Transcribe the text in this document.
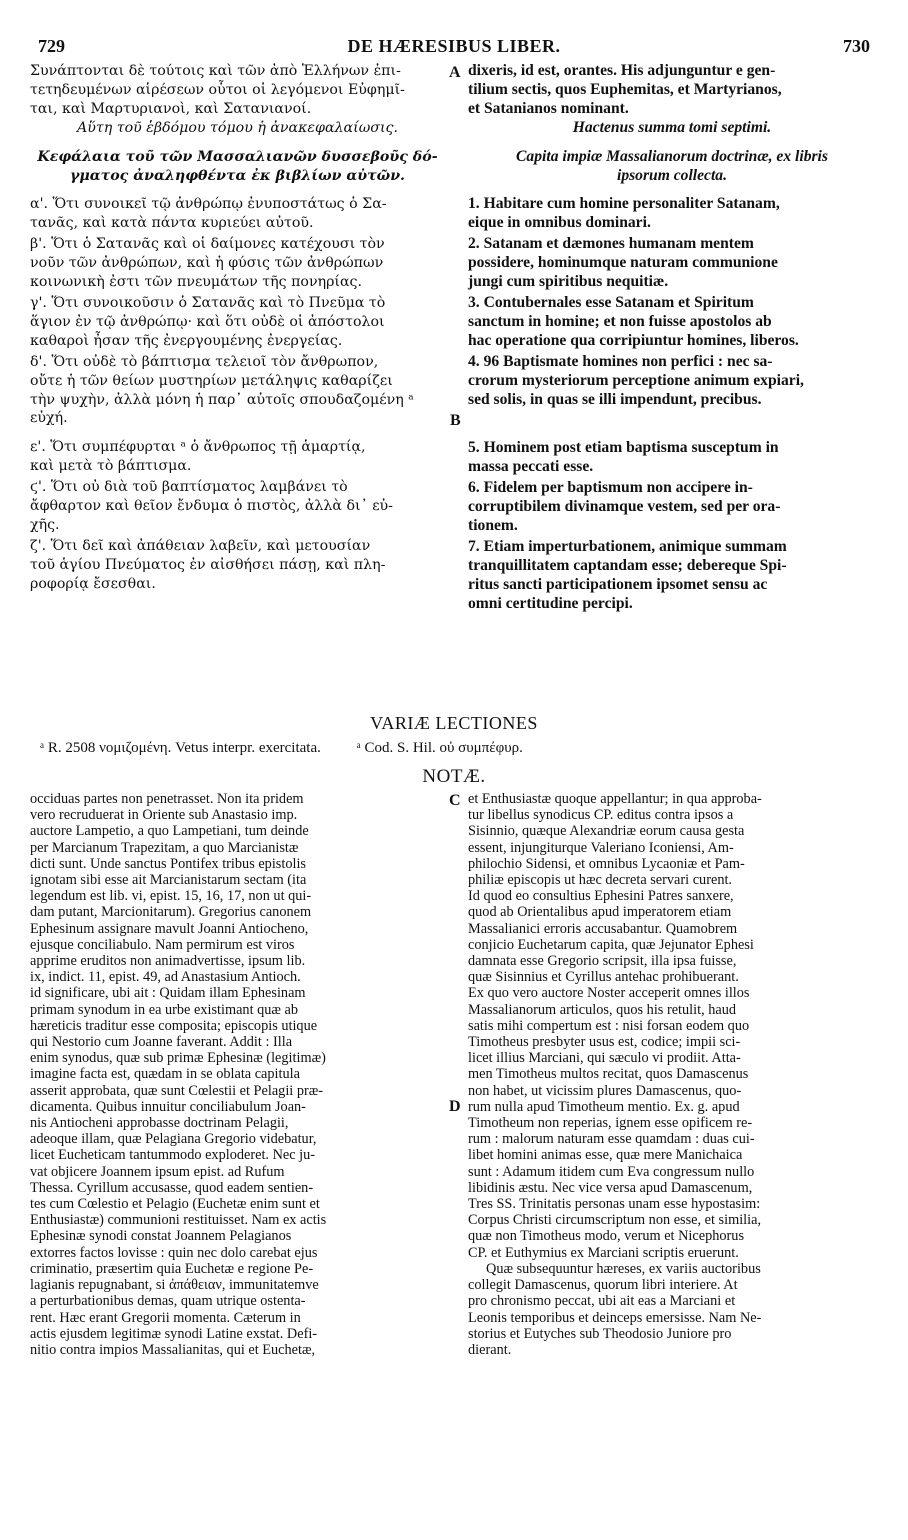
729	DE HÆRESIBUS LIBER.	730

Συνάπτονται δὲ τούτοις καὶ τῶν ἀπὸ Ἑλλήνων ἐπι-

τετηδευμένων αἱρέσεων οὗτοι οἱ λεγόμενοι Εὐφημῖ-

ται, καὶ Μαρτυριανοὶ, καὶ Σατανιανοί.

Αὕτη τοῦ ἑβδόμου τόμου ἡ ἀνακεφαλαίωσις.

Κεφάλαια τοῦ τῶν Μασσαλιανῶν δυσσεβοῦς δό-

γματος ἀναληφθέντα ἐκ βιβλίων αὐτῶν.

α'. Ὅτι συνοικεῖ τῷ ἀνθρώπῳ ἐνυποστάτως ὁ Σα-

τανᾶς, καὶ κατὰ πάντα κυριεύει αὐτοῦ.

β'. Ὅτι ὁ Σατανᾶς καὶ οἱ δαίμονες κατέχουσι τὸν

νοῦν τῶν ἀνθρώπων, καὶ ἡ φύσις τῶν ἀνθρώπων

κοινωνικὴ ἐστι τῶν πνευμάτων τῆς πονηρίας.

γ'. Ὅτι συνοικοῦσιν ὁ Σατανᾶς καὶ τὸ Πνεῦμα τὸ

ἅγιον ἐν τῷ ἀνθρώπῳ· καὶ ὅτι οὐδὲ οἱ ἀπόστολοι

καθαροὶ ἦσαν τῆς ἐνεργουμένης ἐνεργείας.

δ'. Ὅτι οὐδὲ τὸ βάπτισμα τελειοῖ τὸν ἄνθρωπον,

οὔτε ἡ τῶν θείων μυστηρίων μετάληψις καθαρίζει

τὴν ψυχὴν, ἀλλὰ μόνη ἡ παρ᾽ αὐτοῖς σπουδαζομένη ᵃ

εὐχή.

ε'. Ὅτι συμπέφυρται ᵃ ὁ ἄνθρωπος τῇ ἁμαρτίᾳ,

καὶ μετὰ τὸ βάπτισμα.

ϛ'. Ὅτι οὐ διὰ τοῦ βαπτίσματος λαμβάνει τὸ

ἄφθαρτον καὶ θεῖον ἔνδυμα ὁ πιστὸς, ἀλλὰ δι᾽ εὐ-

χῆς.

ζ'. Ὅτι δεῖ καὶ ἀπάθειαν λαβεῖν, καὶ μετουσίαν

τοῦ ἁγίου Πνεύματος ἐν αἰσθήσει πάσῃ, καὶ πλη-

ροφορίᾳ ἔσεσθαι.

dixeris, id est, orantes. His adjunguntur e gen-

tilium sectis, quos Euphemitas, et Martyrianos,

et Satanianos nominant.

Hactenus summa tomi septimi.

Capita impiæ Massalianorum doctrinæ, ex libris

ipsorum collecta.

1. Habitare cum homine personaliter Satanam,

eique in omnibus dominari.

2. Satanam et dæmones humanam mentem

possidere, hominumque naturam communione

jungi cum spiritibus nequitiæ.

3. Contubernales esse Satanam et Spiritum

sanctum in homine; et non fuisse apostolos ab

hac operatione qua corripiuntur homines, liberos.

4. 96 Baptismate homines non perfici : nec sa-

crorum mysteriorum perceptione animum expiari,

sed solis, in quas se illi impendunt, precibus.

5. Hominem post etiam baptisma susceptum in

massa peccati esse.

6. Fidelem per baptismum non accipere in-

corruptibilem divinamque vestem, sed per ora-

tionem.

7. Etiam imperturbationem, animique summam

tranquillitatem captandam esse; debereque Spi-

ritus sancti participationem ipsomet sensu ac

omni certitudine percipi.

A
B
VARIÆ LECTIONES
ᵃ R. 2508 νομιζομένη. Vetus interpr. exercitata. ᵃ Cod. S. Hil. οὐ συμπέφυρ.
NOTÆ.
C
D

occiduas partes non penetrasset. Non ita pridem

vero recruduerat in Oriente sub Anastasio imp.

auctore Lampetio, a quo Lampetiani, tum deinde

per Marcianum Trapezitam, a quo Marcianistæ

dicti sunt. Unde sanctus Pontifex tribus epistolis

ignotam sibi esse ait Marcianistarum sectam (ita

legendum est lib. vi, epist. 15, 16, 17, non ut qui-

dam putant, Marcionitarum). Gregorius canonem

Ephesinum assignare mavult Joanni Antiocheno,

ejusque conciliabulo. Nam permirum est viros

apprime eruditos non animadvertisse, ipsum lib.

ix, indict. 11, epist. 49, ad Anastasium Antioch.

id significare, ubi ait : Quidam illam Ephesinam

primam synodum in ea urbe existimant quæ ab

hæreticis traditur esse composita; episcopis utique

qui Nestorio cum Joanne faverant. Addit : Illa

enim synodus, quæ sub primæ Ephesinæ (legitimæ)

imagine facta est, quædam in se oblata capitula

asserit approbata, quæ sunt Cœlestii et Pelagii præ-

dicamenta. Quibus innuitur conciliabulum Joan-

nis Antiocheni approbasse doctrinam Pelagii,

adeoque illam, quæ Pelagiana Gregorio videbatur,

licet Eucheticam tantummodo exploderet. Nec ju-

vat objicere Joannem ipsum epist. ad Rufum

Thessa. Cyrillum accusasse, quod eadem sentien-

tes cum Cœlestio et Pelagio (Euchetæ enim sunt et

Enthusiastæ) communioni restituisset. Nam ex actis

Ephesinæ synodi constat Joannem Pelagianos

extorres factos lovisse : quin nec dolo carebat ejus

criminatio, præsertim quia Euchetæ e regione Pe-

lagianis repugnabant, si ἀπάθειαν, immunitatemve

a perturbationibus demas, quam utrique ostenta-

rent. Hæc erant Gregorii momenta. Cæterum in

actis ejusdem legitimæ synodi Latine exstat. Defi-

nitio contra impios Massalianitas, qui et Euchetæ,

et Enthusiastæ quoque appellantur; in qua approba-

tur libellus synodicus CP. editus contra ipsos a

Sisinnio, quæque Alexandriæ eorum causa gesta

essent, injungiturque Valeriano Iconiensi, Am-

philochio Sidensi, et omnibus Lycaoniæ et Pam-

philiæ episcopis ut hæc decreta servari curent.

Id quod eo consultius Ephesini Patres sanxere,

quod ab Orientalibus apud imperatorem etiam

Massalianici erroris accusabantur. Quamobrem

conjicio Euchetarum capita, quæ Jejunator Ephesi

damnata esse Gregorio scripsit, illa ipsa fuisse,

quæ Sisinnius et Cyrillus antehac prohibuerant.

Ex quo vero auctore Noster acceperit omnes illos

Massalianorum articulos, quos his retulit, haud

satis mihi compertum est : nisi forsan eodem quo

Timotheus presbyter usus est, codice; impii sci-

licet illius Marciani, qui sæculo vi prodiit. Atta-

men Timotheus multos recitat, quos Damascenus

non habet, ut vicissim plures Damascenus, quo-

rum nulla apud Timotheum mentio. Ex. g. apud

Timotheum non reperias, ignem esse opificem re-

rum : malorum naturam esse quamdam : duas cui-

libet homini animas esse, quæ mere Manichaica

sunt : Adamum itidem cum Eva congressum nullo

libidinis æstu. Nec vice versa apud Damascenum,

Tres SS. Trinitatis personas unam esse hypostasim:

Corpus Christi circumscriptum non esse, et similia,

quæ non Timotheus modo, verum et Nicephorus

CP. et Euthymius ex Marciani scriptis eruerunt.

Quæ subsequuntur hæreses, ex variis auctoribus

collegit Damascenus, quorum libri interiere. At

pro chronismo peccat, ubi ait eas a Marciani et

Leonis temporibus et deinceps emersisse. Nam Ne-

storius et Eutyches sub Theodosio Juniore pro

dierant.
